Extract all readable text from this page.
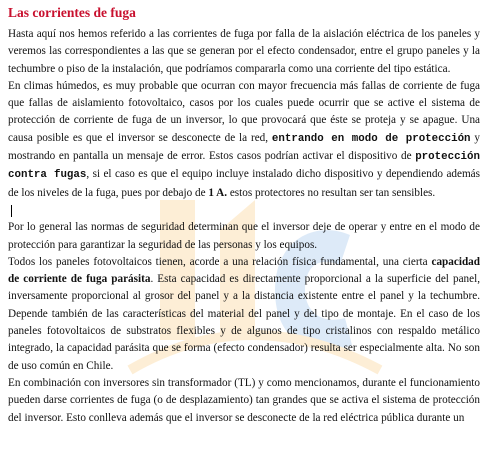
Las corrientes de fuga

Hasta aquí nos hemos referido a las corrientes de fuga por falla de la aislación eléctrica de los paneles y veremos las correspondientes a las que se generan por el efecto condensador, entre el grupo paneles y la techumbre o piso de la instalación, que podríamos compararla como una corriente del tipo estática.

En climas húmedos, es muy probable que ocurran con mayor frecuencia más fallas de corriente de fuga que fallas de aislamiento fotovoltaico, casos por los cuales puede ocurrir que se active el sistema de protección de corriente de fuga de un inversor, lo que provocará que éste se proteja y se apague. Una causa posible es que el inversor se desconecte de la red, entrando en modo de protección y mostrando en pantalla un mensaje de error. Estos casos podrían activar el dispositivo de protección contra fugas, si el caso es que el equipo incluye instalado dicho dispositivo y dependiendo además de los niveles de la fuga, pues por debajo de 1 A. estos protectores no resultan ser tan sensibles.

Por lo general las normas de seguridad determinan que el inversor deje de operar y entre en el modo de protección para garantizar la seguridad de las personas y los equipos.

Todos los paneles fotovoltaicos tienen, acorde a una relación física fundamental, una cierta capacidad de corriente de fuga parásita. Esta capacidad es directamente proporcional a la superficie del panel, inversamente proporcional al grosor del panel y a la distancia existente entre el panel y la techumbre. Depende también de las características del material del panel y del tipo de montaje. En el caso de los paneles fotovoltaicos de substratos flexibles y de algunos de tipo cristalinos con respaldo metálico integrado, la capacidad parásita que se forma (efecto condensador) resulta ser especialmente alta. No son de uso común en Chile.

En combinación con inversores sin transformador (TL) y como mencionamos, durante el funcionamiento pueden darse corrientes de fuga (o de desplazamiento) tan grandes que se activa el sistema de protección del inversor. Esto conlleva además que el inversor se desconecte de la red eléctrica pública durante un
